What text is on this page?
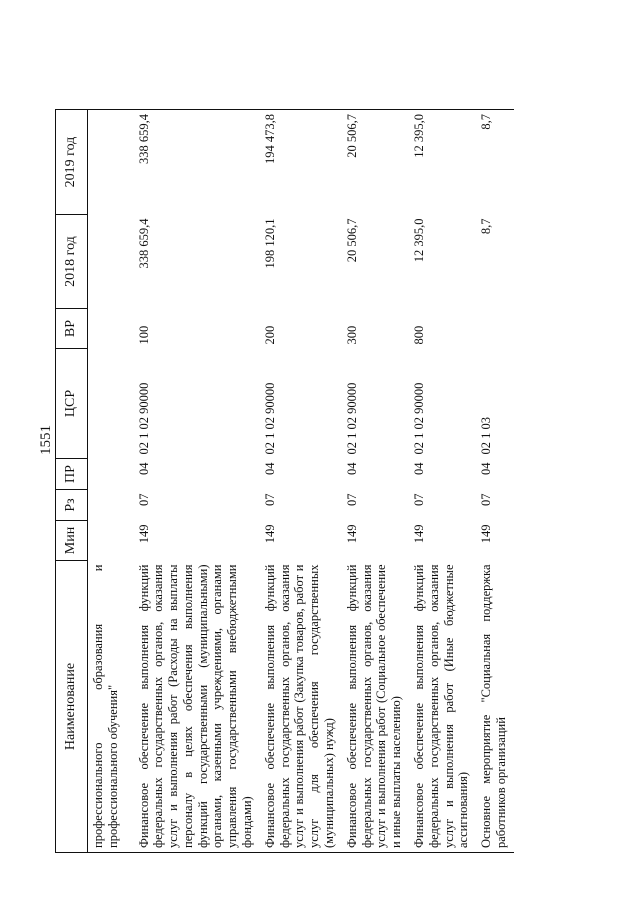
1551
Наименование	Мин	Рз	ПР	ЦСР	ВР	2018 год	2019 год
профессионального образования и профессионального обучения"							
Финансовое обеспечение выполнения функций федеральных государственных органов, оказания услуг и выполнения работ (Расходы на выплаты персоналу в целях обеспечения выполнения функций государственными (муниципальными) органами, казенными учреждениями, органами управления государственными внебюджетными фондами)	149	07	04	02 1 02 90000	100	338 659,4	338 659,4
Финансовое обеспечение выполнения функций федеральных государственных органов, оказания услуг и выполнения работ (Закупка товаров, работ и услуг для обеспечения государственных (муниципальных) нужд)	149	07	04	02 1 02 90000	200	198 120,1	194 473,8
Финансовое обеспечение выполнения функций федеральных государственных органов, оказания услуг и выполнения работ (Социальное обеспечение и иные выплаты населению)	149	07	04	02 1 02 90000	300	20 506,7	20 506,7
Финансовое обеспечение выполнения функций федеральных государственных органов, оказания услуг и выполнения работ (Иные бюджетные ассигнования)	149	07	04	02 1 02 90000	800	12 395,0	12 395,0
Основное мероприятие "Социальная поддержка работников организаций	149	07	04	02 1 03		8,7	8,7
